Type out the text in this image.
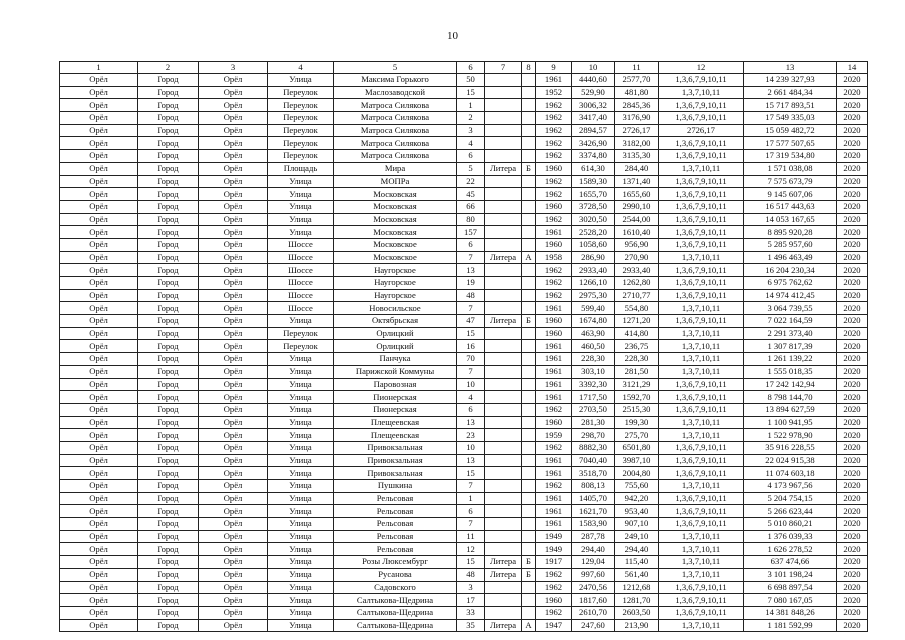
10
1	2	3	4	5	6	7	8	9	10	11	12	13	14
Орёл	Город	Орёл	Улица	Максима Горького	50			1961	4440,60	2577,70	1,3,6,7,9,10,11	14 239 327,93	2020
Орёл	Город	Орёл	Переулок	Маслозаводской	15			1952	529,90	481,80	1,3,7,10,11	2 661 484,34	2020
Орёл	Город	Орёл	Переулок	Матроса Силякова	1			1962	3006,32	2845,36	1,3,6,7,9,10,11	15 717 893,51	2020
Орёл	Город	Орёл	Переулок	Матроса Силякова	2			1962	3417,40	3176,90	1,3,6,7,9,10,11	17 549 335,03	2020
Орёл	Город	Орёл	Переулок	Матроса Силякова	3			1962	2894,57	2726,17	2726,17	15 059 482,72	2020
Орёл	Город	Орёл	Переулок	Матроса Силякова	4			1962	3426,90	3182,00	1,3,6,7,9,10,11	17 577 507,65	2020
Орёл	Город	Орёл	Переулок	Матроса Силякова	6			1962	3374,80	3135,30	1,3,6,7,9,10,11	17 319 534,80	2020
Орёл	Город	Орёл	Площадь	Мира	5	Литера	Б	1960	614,30	284,40	1,3,7,10,11	1 571 038,08	2020
Орёл	Город	Орёл	Улица	МОПРа	22			1962	1589,30	1371,40	1,3,6,7,9,10,11	7 575 673,79	2020
Орёл	Город	Орёл	Улица	Московская	45			1962	1655,70	1655,60	1,3,6,7,9,10,11	9 145 607,06	2020
Орёл	Город	Орёл	Улица	Московская	66			1960	3728,50	2990,10	1,3,6,7,9,10,11	16 517 443,63	2020
Орёл	Город	Орёл	Улица	Московская	80			1962	3020,50	2544,00	1,3,6,7,9,10,11	14 053 167,65	2020
Орёл	Город	Орёл	Улица	Московская	157			1961	2528,20	1610,40	1,3,6,7,9,10,11	8 895 920,28	2020
Орёл	Город	Орёл	Шоссе	Московское	6			1960	1058,60	956,90	1,3,6,7,9,10,11	5 285 957,60	2020
Орёл	Город	Орёл	Шоссе	Московское	7	Литера	А	1958	286,90	270,90	1,3,7,10,11	1 496 463,49	2020
Орёл	Город	Орёл	Шоссе	Наугорское	13			1962	2933,40	2933,40	1,3,6,7,9,10,11	16 204 230,34	2020
Орёл	Город	Орёл	Шоссе	Наугорское	19			1962	1266,10	1262,80	1,3,6,7,9,10,11	6 975 762,62	2020
Орёл	Город	Орёл	Шоссе	Наугорское	48			1962	2975,30	2710,77	1,3,6,7,9,10,11	14 974 412,45	2020
Орёл	Город	Орёл	Шоссе	Новосильское	7			1961	599,40	554,80	1,3,7,10,11	3 064 739,55	2020
Орёл	Город	Орёл	Улица	Октябрьская	47	Литера	Б	1960	1674,80	1271,20	1,3,6,7,9,10,11	7 022 164,59	2020
Орёл	Город	Орёл	Переулок	Орлицкий	15			1960	463,90	414,80	1,3,7,10,11	2 291 373,40	2020
Орёл	Город	Орёл	Переулок	Орлицкий	16			1961	460,50	236,75	1,3,7,10,11	1 307 817,39	2020
Орёл	Город	Орёл	Улица	Панчука	70			1961	228,30	228,30	1,3,7,10,11	1 261 139,22	2020
Орёл	Город	Орёл	Улица	Парижской Коммуны	7			1961	303,10	281,50	1,3,7,10,11	1 555 018,35	2020
Орёл	Город	Орёл	Улица	Паровозная	10			1961	3392,30	3121,29	1,3,6,7,9,10,11	17 242 142,94	2020
Орёл	Город	Орёл	Улица	Пионерская	4			1961	1717,50	1592,70	1,3,6,7,9,10,11	8 798 144,70	2020
Орёл	Город	Орёл	Улица	Пионерская	6			1962	2703,50	2515,30	1,3,6,7,9,10,11	13 894 627,59	2020
Орёл	Город	Орёл	Улица	Плещеевская	13			1960	281,30	199,30	1,3,7,10,11	1 100 941,95	2020
Орёл	Город	Орёл	Улица	Плещеевская	23			1959	298,70	275,70	1,3,7,10,11	1 522 978,90	2020
Орёл	Город	Орёл	Улица	Привокзальная	10			1962	8882,30	6501,80	1,3,6,7,9,10,11	35 916 228,55	2020
Орёл	Город	Орёл	Улица	Привокзальная	13			1961	7040,40	3987,10	1,3,6,7,9,10,11	22 024 915,38	2020
Орёл	Город	Орёл	Улица	Привокзальная	15			1961	3518,70	2004,80	1,3,6,7,9,10,11	11 074 603,18	2020
Орёл	Город	Орёл	Улица	Пушкина	7			1962	808,13	755,60	1,3,7,10,11	4 173 967,56	2020
Орёл	Город	Орёл	Улица	Рельсовая	1			1961	1405,70	942,20	1,3,6,7,9,10,11	5 204 754,15	2020
Орёл	Город	Орёл	Улица	Рельсовая	6			1961	1621,70	953,40	1,3,6,7,9,10,11	5 266 623,44	2020
Орёл	Город	Орёл	Улица	Рельсовая	7			1961	1583,90	907,10	1,3,6,7,9,10,11	5 010 860,21	2020
Орёл	Город	Орёл	Улица	Рельсовая	11			1949	287,78	249,10	1,3,7,10,11	1 376 039,33	2020
Орёл	Город	Орёл	Улица	Рельсовая	12			1949	294,40	294,40	1,3,7,10,11	1 626 278,52	2020
Орёл	Город	Орёл	Улица	Розы Люксембург	15	Литера	Б	1917	129,04	115,40	1,3,7,10,11	637 474,66	2020
Орёл	Город	Орёл	Улица	Русанова	48	Литера	Б	1962	997,60	561,40	1,3,7,10,11	3 101 198,24	2020
Орёл	Город	Орёл	Улица	Садовского	3			1962	2470,56	1212,68	1,3,6,7,9,10,11	6 698 897,54	2020
Орёл	Город	Орёл	Улица	Салтыкова-Щедрина	17			1960	1817,60	1281,70	1,3,6,7,9,10,11	7 080 167,05	2020
Орёл	Город	Орёл	Улица	Салтыкова-Щедрина	33			1962	2610,70	2603,50	1,3,6,7,9,10,11	14 381 848,26	2020
Орёл	Город	Орёл	Улица	Салтыкова-Щедрина	35	Литера	А	1947	247,60	213,90	1,3,7,10,11	1 181 592,99	2020
